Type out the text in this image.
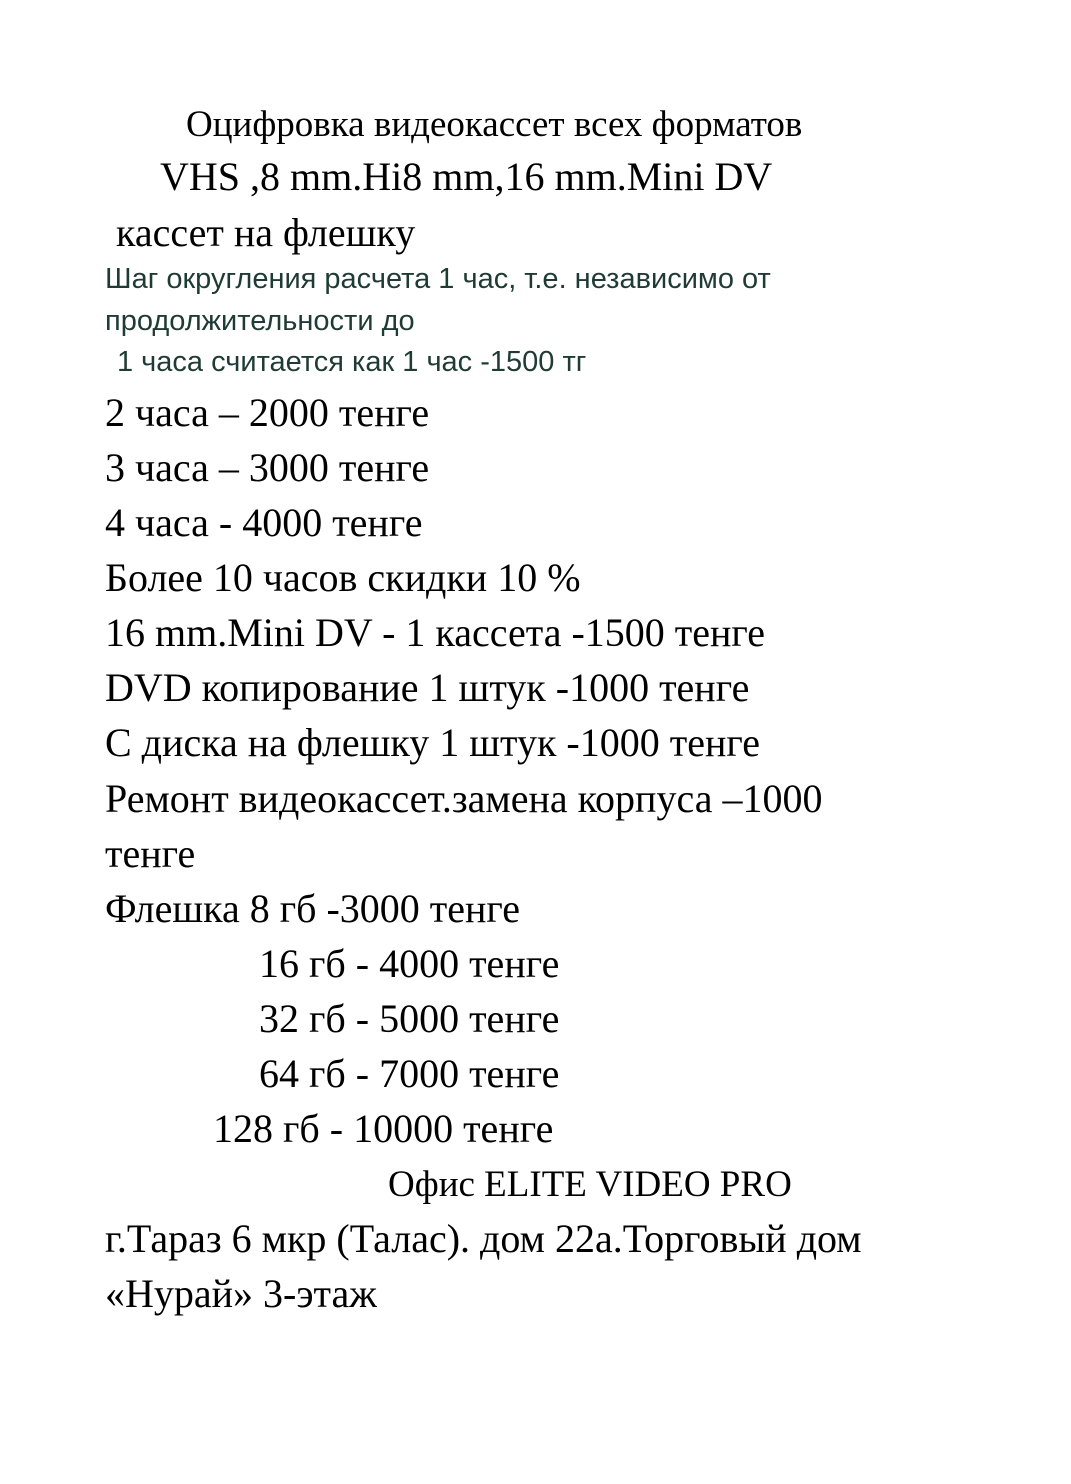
Оцифровка видеокассет всех форматов

VHS ,8 mm.Hi8 mm,16 mm.Mini DV

кассет на флешку

Шаг округления расчета 1 час, т.е. независимо от

продолжительности до

1 часа считается как 1 час -1500 тг

2 часа – 2000 тенге

3 часа – 3000 тенге

4 часа - 4000 тенге

Более 10 часов скидки 10 %

16 mm.Mini DV - 1 кассета -1500 тенге

DVD копирование 1 штук -1000 тенге

С диска на флешку 1 штук -1000 тенге

Ремонт видеокассет.замена корпуса –1000

тенге

Флешка 8 гб -3000 тенге

16 гб - 4000 тенге

32 гб - 5000 тенге

64 гб - 7000 тенге

128 гб - 10000 тенге

Офис ELITE VIDEO PRO

г.Тараз 6 мкр (Талас). дом 22а.Торговый дом

«Нурай» 3-этаж
